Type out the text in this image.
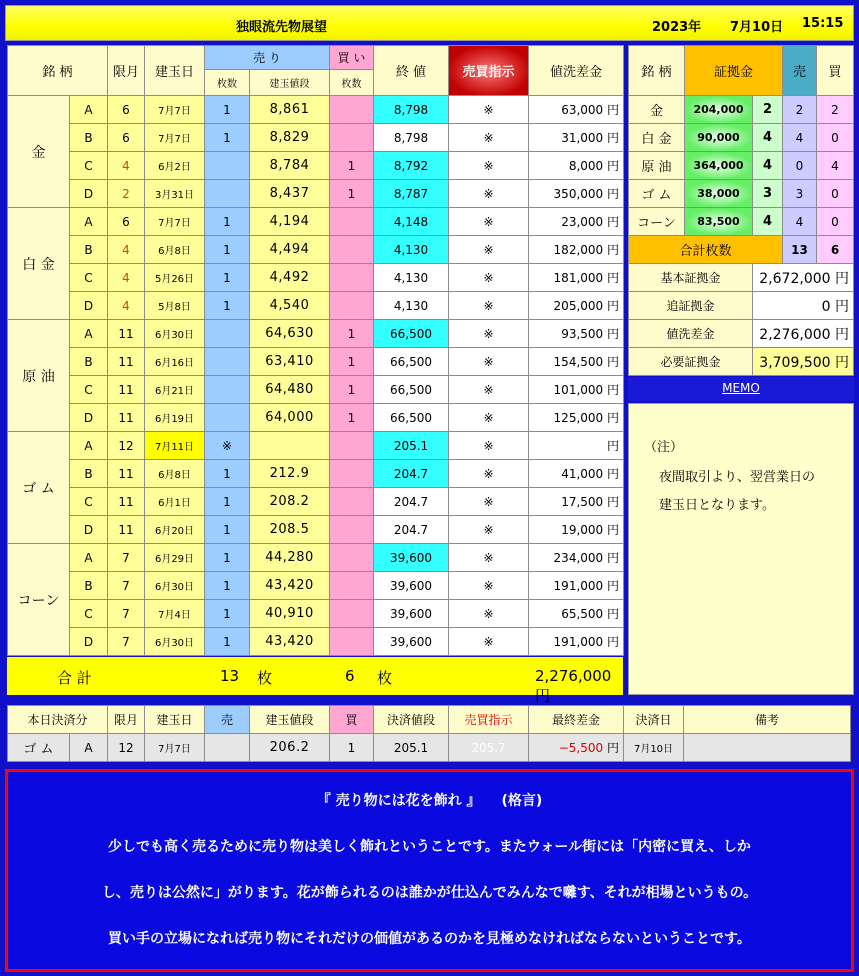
独眼流先物展望	2023年 7月10日 15:15
銘 柄		限月	建玉日	売 り		買 い	終 値	売買指示	値洗差金
				枚数	建玉値段	枚数			
金	A	6	7月7日	1	8,861		8,798	※	63,000 円
	B	6	7月7日	1	8,829		8,798	※	31,000 円
	C	4	6月2日		8,784	1	8,792	※	8,000 円
	D	2	3月31日		8,437	1	8,787	※	350,000 円
白 金	A	6	7月7日	1	4,194		4,148	※	23,000 円
	B	4	6月8日	1	4,494		4,130	※	182,000 円
	C	4	5月26日	1	4,492		4,130	※	181,000 円
	D	4	5月8日	1	4,540		4,130	※	205,000 円
原 油	A	11	6月30日		64,630	1	66,500	※	93,500 円
	B	11	6月16日		63,410	1	66,500	※	154,500 円
	C	11	6月21日		64,480	1	66,500	※	101,000 円
	D	11	6月19日		64,000	1	66,500	※	125,000 円
ゴ ム	A	12	7月11日	※			205.1	※	円
	B	11	6月8日	1	212.9		204.7	※	41,000 円
	C	11	6月1日	1	208.2		204.7	※	17,500 円
	D	11	6月20日	1	208.5		204.7	※	19,000 円
コーン	A	7	6月29日	1	44,280		39,600	※	234,000 円
	B	7	6月30日	1	43,420		39,600	※	191,000 円
	C	7	7月4日	1	40,910		39,600	※	65,500 円
	D	7	6月30日	1	43,420		39,600	※	191,000 円
合 計	13 枚	6 枚	2,276,000 円
銘 柄	証拠金		売	買
金	204,000	2	2	2
白 金	90,000	4	4	0
原 油	364,000	4	0	4
ゴ ム	38,000	3	3	0
コーン	83,500	4	4	0
合計枚数			13	6
基本証拠金		2,672,000 円		
追証拠金		0 円		
値洗差金		2,276,000 円		
必要証拠金		3,709,500 円		
MEMO
（注）
夜間取引より、翌営業日の
建玉日となります。
本日決済分		限月	建玉日	売	建玉値段	買	決済値段	売買指示	最終差金	決済日	備考
ゴ ム	A	12	7月7日		206.2	1	205.1	205.7	−5,500 円	7月10日	
『 売り物には花を飾れ 』　　(格言)
少しでも高く売るために売り物は美しく飾れということです。またウォール街には「内密に買え、しか
し、売りは公然に」がります。花が飾られるのは誰かが仕込んでみんなで囃す、それが相場というもの。
買い手の立場になれば売り物にそれだけの価値があるのかを見極めなければならないということです。
